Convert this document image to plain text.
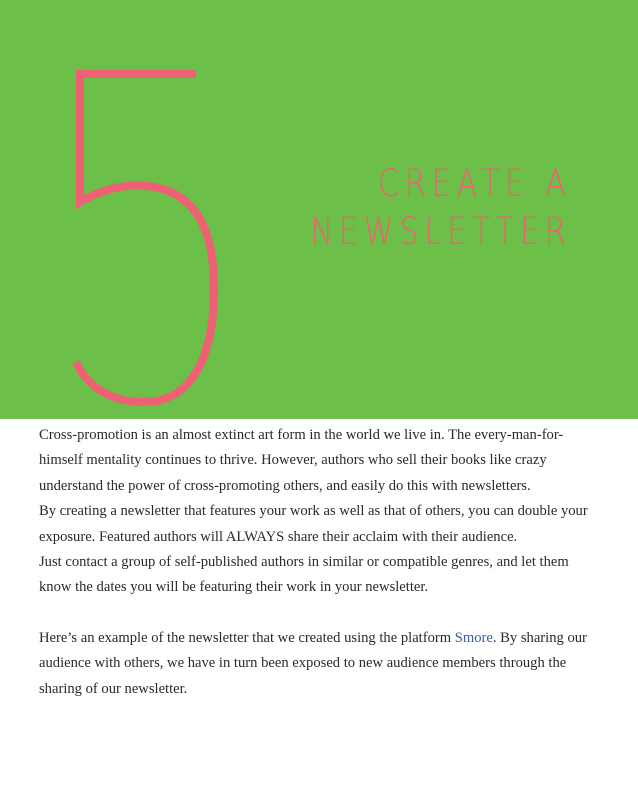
CREATE A
NEWSLETTER

Cross-promotion is an almost extinct art form in the world we live in. The every-man-for-himself mentality continues to thrive. However, authors who sell their books like crazy understand the power of cross-promoting others, and easily do this with newsletters.

By creating a newsletter that features your work as well as that of others, you can double your exposure. Featured authors will ALWAYS share their acclaim with their audience.

Just contact a group of self-published authors in similar or compatible genres, and let them know the dates you will be featuring their work in your newsletter.

Here’s an example of the newsletter that we created using the platform Smore. By sharing our audience with others, we have in turn been exposed to new audience members through the sharing of our newsletter.
